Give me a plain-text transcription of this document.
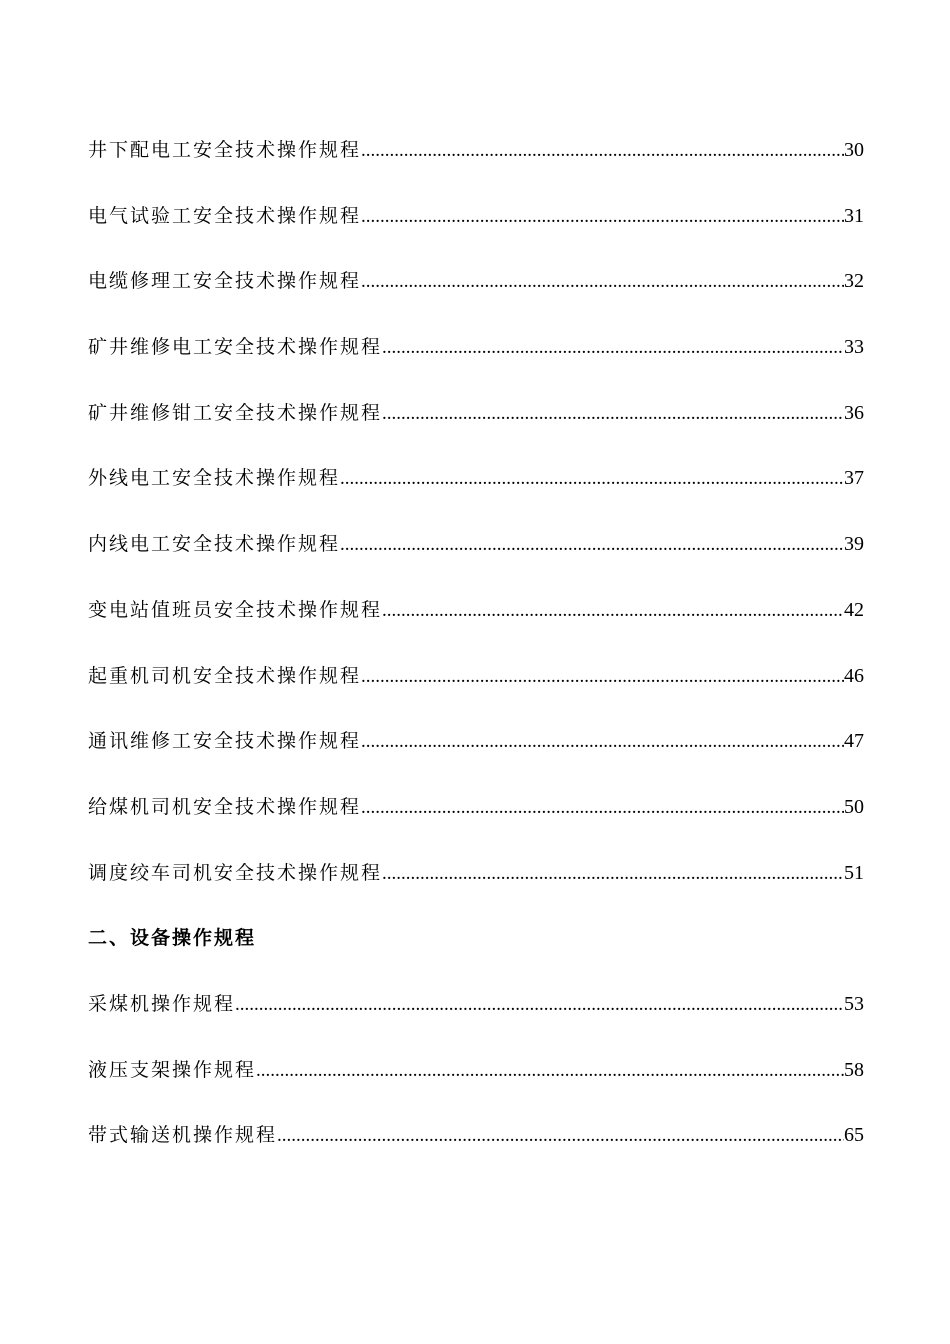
井下配电工安全技术操作规程 .....	30
电气试验工安全技术操作规程 .....	31
电缆修理工安全技术操作规程 .....	32
矿井维修电工安全技术操作规程 .....	33
矿井维修钳工安全技术操作规程 .....	36
外线电工安全技术操作规程 .....	37
内线电工安全技术操作规程 .....	39
变电站值班员安全技术操作规程 .....	42
起重机司机安全技术操作规程 .....	46
通讯维修工安全技术操作规程 .....	47
给煤机司机安全技术操作规程 .....	50
调度绞车司机安全技术操作规程 .....	51
二、设备操作规程
采煤机操作规程 .....	53
液压支架操作规程 .....	58
带式输送机操作规程 .....	65
